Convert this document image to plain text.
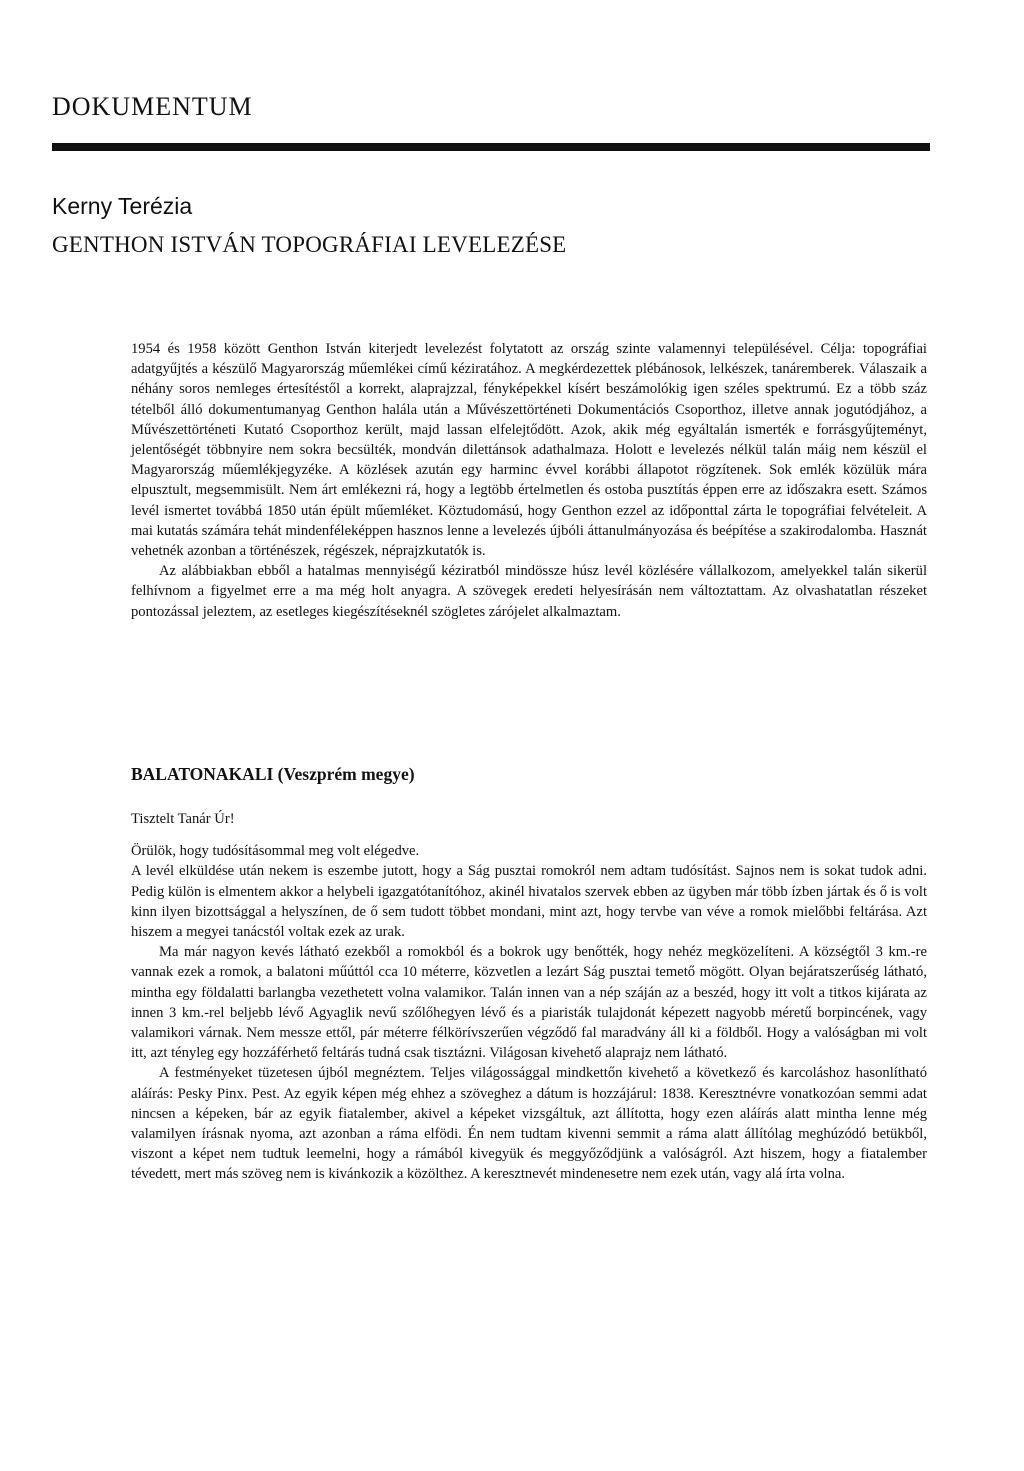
DOKUMENTUM
Kerny Terézia
GENTHON ISTVÁN TOPOGRÁFIAI LEVELEZÉSE

1954 és 1958 között Genthon István kiterjedt levelezést folytatott az ország szinte valamennyi településével. Célja: topográfiai adatgyűjtés a készülő Magyarország műemlékei című kéziratához. A megkérdezettek plébánosok, lelkészek, tanáremberek. Válaszaik a néhány soros nemleges értesítéstől a korrekt, alaprajzzal, fényképekkel kísért beszámolókig igen széles spektrumú. Ez a több száz tételből álló dokumentumanyag Genthon halála után a Művészettörténeti Dokumentációs Csoporthoz, illetve annak jogutódjához, a Művészettörténeti Kutató Csoporthoz került, majd lassan elfelejtődött. Azok, akik még egyáltalán ismerték e forrásgyűjteményt, jelentőségét többnyire nem sokra becsülték, mondván dilettánsok adathalmaza. Holott e levelezés nélkül talán máig nem készül el Magyarország műemlékjegyzéke. A közlések azután egy harminc évvel korábbi állapotot rögzítenek. Sok emlék közülük mára elpusztult, megsemmisült. Nem árt emlékezni rá, hogy a legtöbb értelmetlen és ostoba pusztítás éppen erre az időszakra esett. Számos levél ismertet továbbá 1850 után épült műemléket. Köztudomású, hogy Genthon ezzel az időponttal zárta le topográfiai felvételeit. A mai kutatás számára tehát mindenféleképpen hasznos lenne a levelezés újbóli áttanulmányozása és beépítése a szakirodalomba. Hasznát vehetnék azonban a történészek, régészek, néprajzkutatók is.

Az alábbiakban ebből a hatalmas mennyiségű kéziratból mindössze húsz levél közlésére vállalkozom, amelyekkel talán sikerül felhívnom a figyelmet erre a ma még holt anyagra. A szövegek eredeti helyesírásán nem változtattam. Az olvashatatlan részeket pontozással jeleztem, az esetleges kiegészítéseknél szögletes zárójelet alkalmaztam.

BALATONAKALI (Veszprém megye)

Tisztelt Tanár Úr!

Örülök, hogy tudósításommal meg volt elégedve.

A levél elküldése után nekem is eszembe jutott, hogy a Ság pusztai romokról nem adtam tudósítást. Sajnos nem is sokat tudok adni. Pedig külön is elmentem akkor a helybeli igazgatótanítóhoz, akinél hivatalos szervek ebben az ügyben már több ízben jártak és ő is volt kinn ilyen bizottsággal a helyszínen, de ő sem tudott többet mondani, mint azt, hogy tervbe van véve a romok mielőbbi feltárása. Azt hiszem a megyei tanácstól voltak ezek az urak.

Ma már nagyon kevés látható ezekből a romokból és a bokrok ugy benőtték, hogy nehéz megközelíteni. A községtől 3 km.-re vannak ezek a romok, a balatoni műúttól cca 10 méterre, közvetlen a lezárt Ság pusztai temető mögött. Olyan bejáratszerűség látható, mintha egy földalatti barlangba vezethetett volna valamikor. Talán innen van a nép száján az a beszéd, hogy itt volt a titkos kijárata az innen 3 km.-rel beljebb lévő Agyaglik nevű szőlőhegyen lévő és a piaristák tulajdonát képezett nagyobb méretű borpincének, vagy valamikori várnak. Nem messze ettől, pár méterre félkörívszerűen végződő fal maradvány áll ki a földből. Hogy a valóságban mi volt itt, azt tényleg egy hozzáférhető feltárás tudná csak tisztázni. Világosan kivehető alaprajz nem látható.

A festményeket tüzetesen újból megnéztem. Teljes világossággal mindkettőn kivehető a következő és karcoláshoz hasonlítható aláírás: Pesky Pinx. Pest. Az egyik képen még ehhez a szöveghez a dátum is hozzájárul: 1838. Keresztnévre vonatkozóan semmi adat nincsen a képeken, bár az egyik fiatalember, akivel a képeket vizsgáltuk, azt állította, hogy ezen aláírás alatt mintha lenne még valamilyen írásnak nyoma, azt azonban a ráma elfödi. Én nem tudtam kivenni semmit a ráma alatt állítólag meghúzódó betükből, viszont a képet nem tudtuk leemelni, hogy a rámából kivegyük és meggyőződjünk a valóságról. Azt hiszem, hogy a fiatalember tévedett, mert más szöveg nem is kivánkozik a közölthez. A keresztnevét mindenesetre nem ezek után, vagy alá írta volna.
